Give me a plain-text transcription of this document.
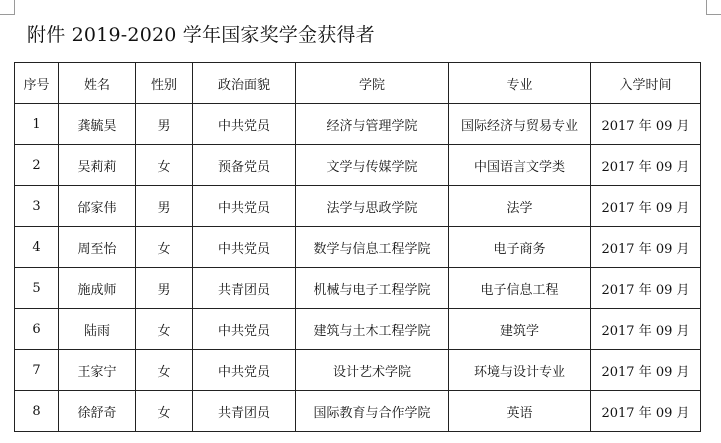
附件 2019-2020 学年国家奖学金获得者
序号	姓名	性别	政治面貌	学院	专业	入学时间
1	龚毓昊	男	中共党员	经济与管理学院	国际经济与贸易专业	2017 年 09 月
2	吴莉莉	女	预备党员	文学与传媒学院	中国语言文学类	2017 年 09 月
3	邰家伟	男	中共党员	法学与思政学院	法学	2017 年 09 月
4	周至怡	女	中共党员	数学与信息工程学院	电子商务	2017 年 09 月
5	施成师	男	共青团员	机械与电子工程学院	电子信息工程	2017 年 09 月
6	陆雨	女	中共党员	建筑与土木工程学院	建筑学	2017 年 09 月
7	王家宁	女	中共党员	设计艺术学院	环境与设计专业	2017 年 09 月
8	徐舒奇	女	共青团员	国际教育与合作学院	英语	2017 年 09 月
